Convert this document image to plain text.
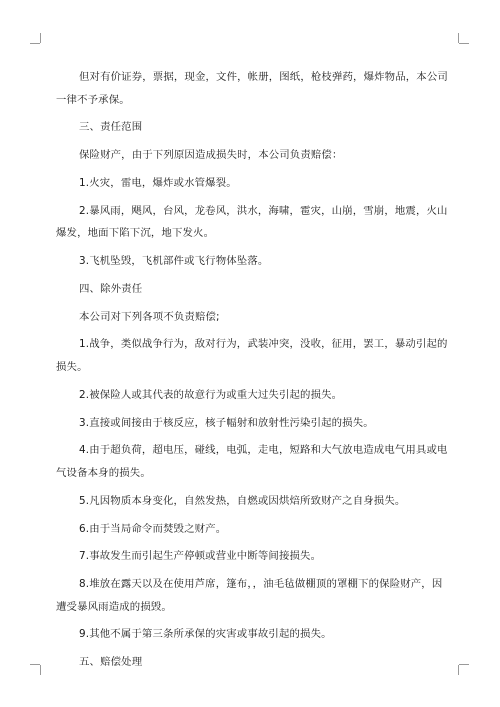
但对有价证券，票据，现金，文件，帐册，图纸，枪枝弹药，爆炸物品，本公司
一律不予承保。
三、责任范围
保险财产，由于下列原因造成损失时，本公司负责赔偿：
1.火灾，雷电，爆炸或水管爆裂。
2.暴风雨，飓风，台风，龙卷风，洪水，海啸，雹灾，山崩，雪崩，地震，火山
爆发，地面下陷下沉，地下发火。
3.飞机坠毁，飞机部件或飞行物体坠落。
四、除外责任
本公司对下列各项不负责赔偿;
1.战争，类似战争行为，敌对行为，武装冲突，没收，征用，罢工，暴动引起的
损失。
2.被保险人或其代表的故意行为或重大过失引起的损失。
3.直接或间接由于核反应，核子幅射和放射性污染引起的损失。
4.由于超负荷，超电压，碰线，电弧，走电，短路和大气放电造成电气用具或电
气设备本身的损失。
5.凡因物质本身变化，自然发热，自燃或因烘焙所致财产之自身损失。
6.由于当局命令而焚毁之财产。
7.事故发生而引起生产停顿或营业中断等间接损失。
8.堆放在露天以及在使用芦席，篷布，，油毛毡做棚顶的罩棚下的保险财产，因
遭受暴风雨造成的损毁。
9.其他不属于第三条所承保的灾害或事故引起的损失。
五、赔偿处理
